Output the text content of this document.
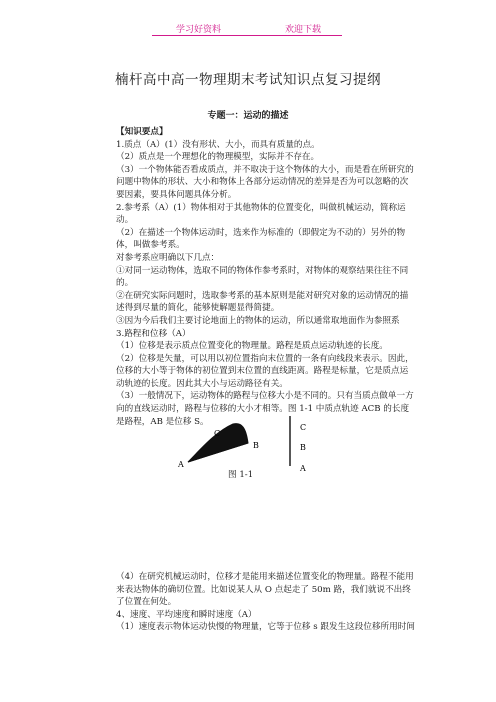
学习好资料	欢迎下载
楠杆高中高一物理期末考试知识点复习提纲
专题一：运动的描述

【知识要点】

1.质点（A）(1）没有形状、大小，而具有质量的点。

（2）质点是一个理想化的物理模型，实际并不存在。

（3）一个物体能否看成质点，并不取决于这个物体的大小，而是看在所研究的问题中物体的形状、大小和物体上各部分运动情况的差异是否为可以忽略的次要因素，要具体问题具体分析。

2.参考系（A）(1）物体相对于其他物体的位置变化，叫做机械运动，简称运动。

（2）在描述一个物体运动时，选来作为标准的（即假定为不动的）另外的物体，叫做参考系。

对参考系应明确以下几点：

①对同一运动物体，选取不同的物体作参考系时，对物体的观察结果往往不同的。

②在研究实际问题时，选取参考系的基本原则是能对研究对象的运动情况的描述得到尽量的简化，能够使解题显得简捷。

③因为今后我们主要讨论地面上的物体的运动，所以通常取地面作为参照系

3.路程和位移（A）

（1）位移是表示质点位置变化的物理量。路程是质点运动轨迹的长度。

（2）位移是矢量，可以用以初位置指向末位置的一条有向线段来表示。因此，位移的大小等于物体的初位置到末位置的直线距离。路程是标量，它是质点运动轨迹的长度。因此其大小与运动路径有关。

（3）一般情况下，运动物体的路程与位移大小是不同的。只有当质点做单一方向的直线运动时，路程与位移的大小才相等。图 1-1 中质点轨迹 ACB 的长度是路程，AB 是位移 S。

C
B
A
C
B
A
图 1-1

（4）在研究机械运动时，位移才是能用来描述位置变化的物理量。路程不能用来表达物体的确切位置。比如说某人从 O 点起走了 50m 路，我们就说不出终了位置在何处。

4、速度、平均速度和瞬时速度（A）

（1）速度表示物体运动快慢的物理量，它等于位移 s 跟发生这段位移所用时间
